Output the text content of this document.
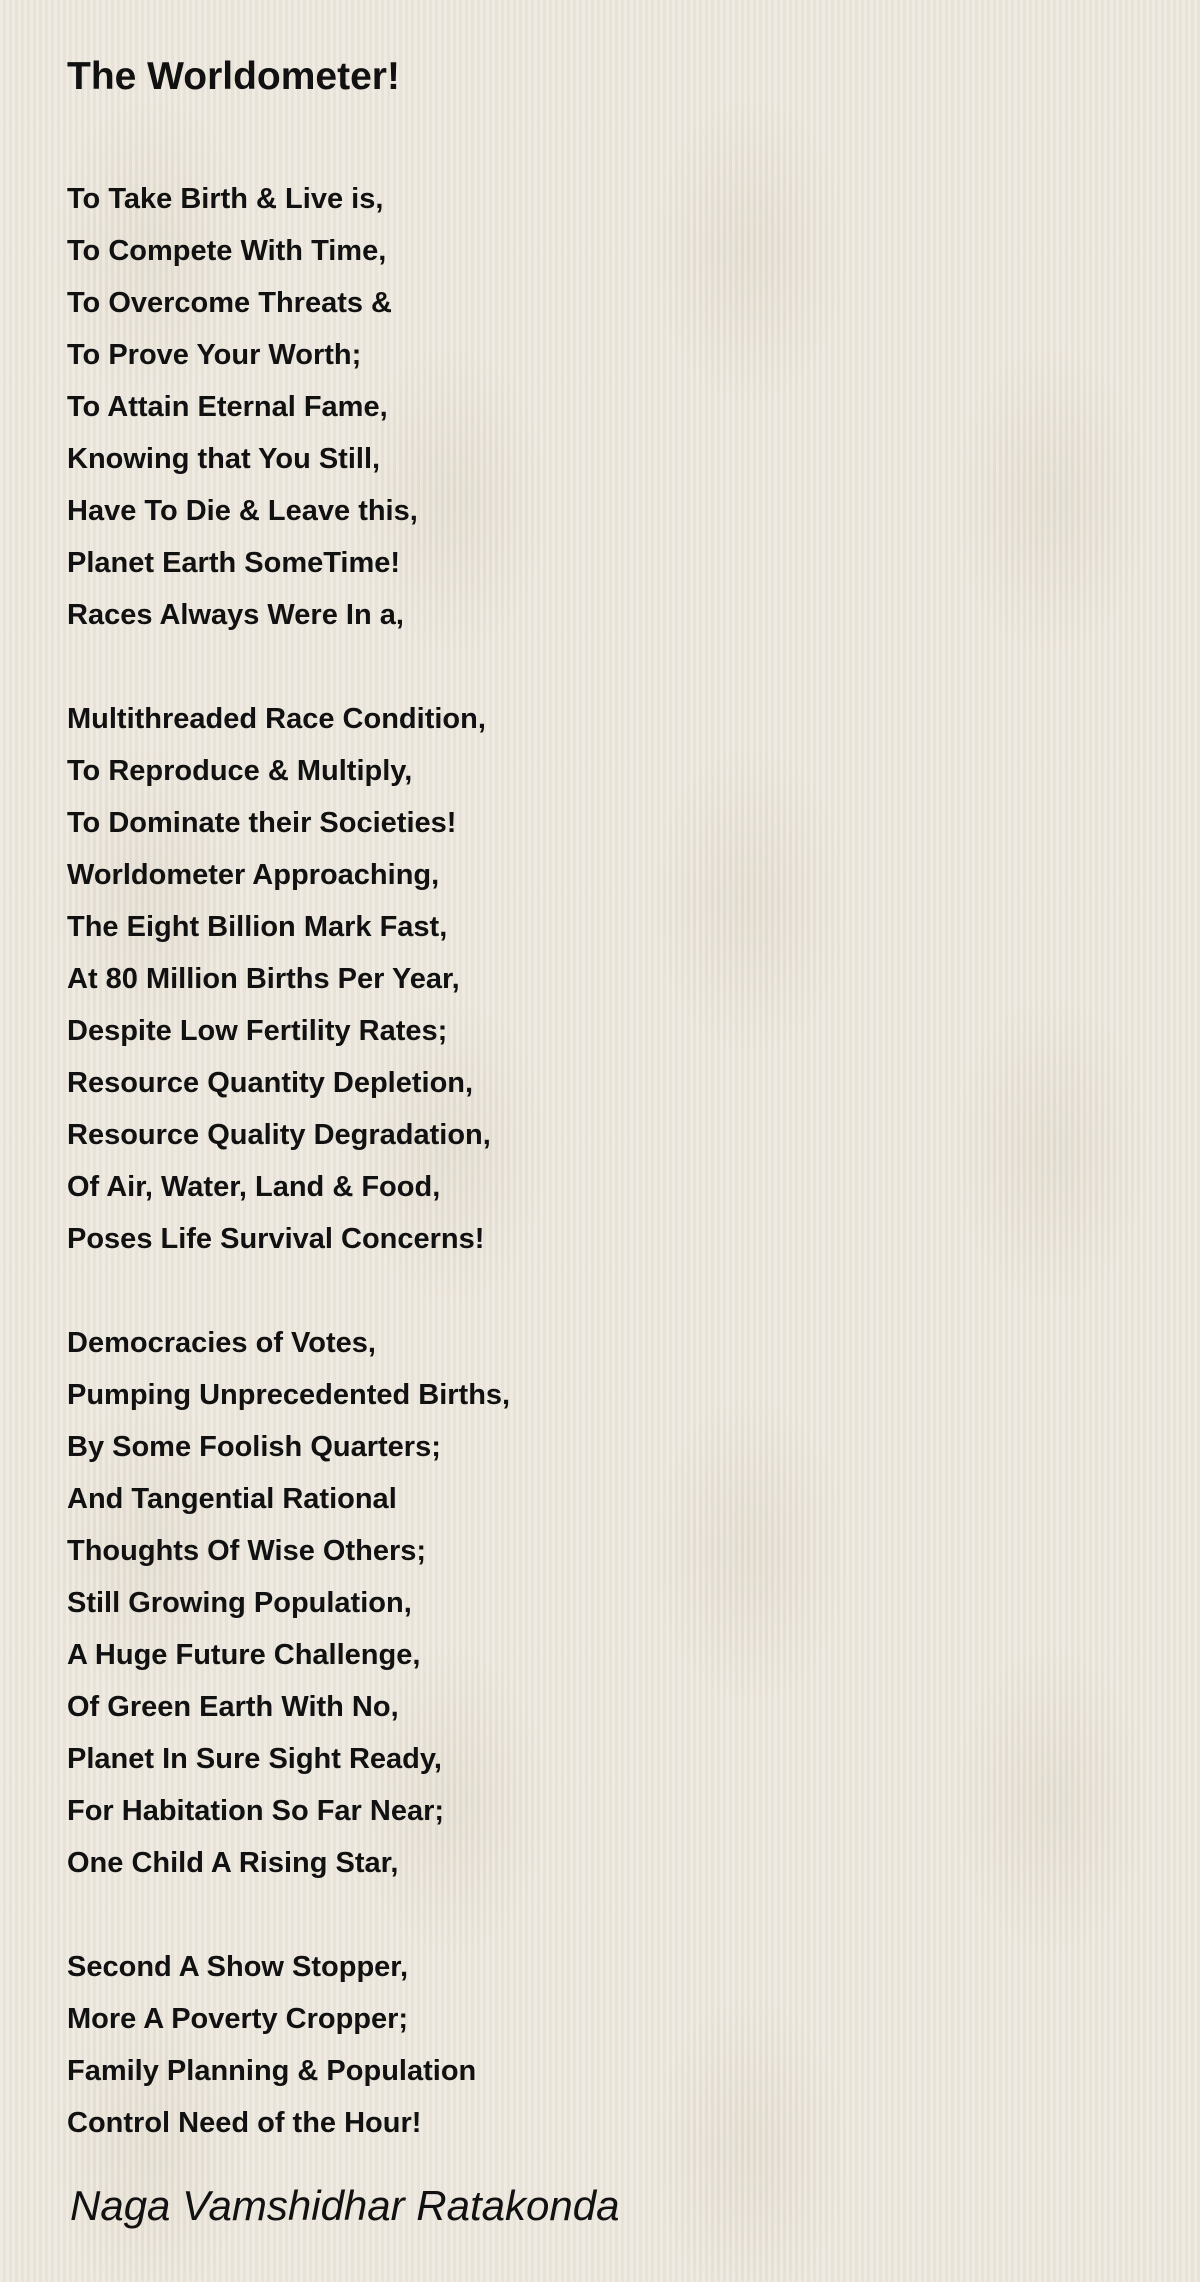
The Worldometer!
To Take Birth & Live is,
To Compete With Time,
To Overcome Threats &
To Prove Your Worth;
To Attain Eternal Fame,
Knowing that You Still,
Have To Die & Leave this,
Planet Earth SomeTime!
Races Always Were In a,
Multithreaded Race Condition,
To Reproduce & Multiply,
To Dominate their Societies!
Worldometer Approaching,
The Eight Billion Mark Fast,
At 80 Million Births Per Year,
Despite Low Fertility Rates;
Resource Quantity Depletion,
Resource Quality Degradation,
Of Air, Water, Land & Food,
Poses Life Survival Concerns!
Democracies of Votes,
Pumping Unprecedented Births,
By Some Foolish Quarters;
And Tangential Rational
Thoughts Of Wise Others;
Still Growing Population,
A Huge Future Challenge,
Of Green Earth With No,
Planet In Sure Sight Ready,
For Habitation So Far Near;
One Child A Rising Star,
Second A Show Stopper,
More A Poverty Cropper;
Family Planning & Population
Control Need of the Hour!
Naga Vamshidhar Ratakonda
